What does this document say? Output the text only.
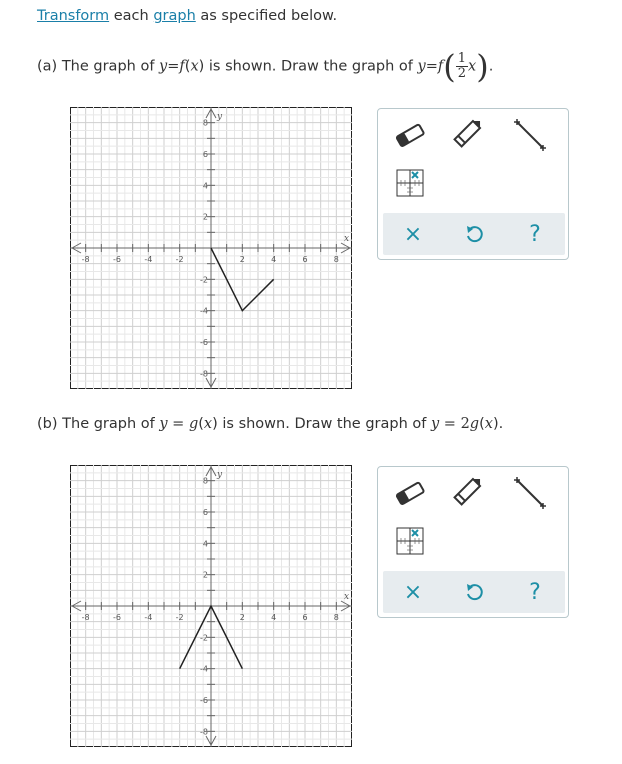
Transform each graph as specified below.
(a) The graph of y=f(x) is shown. Draw the graph of $y=f( \frac{1}{2} x)$.
-8	-6	-4	-2	2	4	6	8
8
6
4
2
-2
-4
-6
-8
x
y
×	?
(b) The graph of y = g(x) is shown. Draw the graph of y = 2g(x).
-8	-6	-4	-2	2	4	6	8
8
6
4
2
-2
-4
-6
-8
x
y
×	?
